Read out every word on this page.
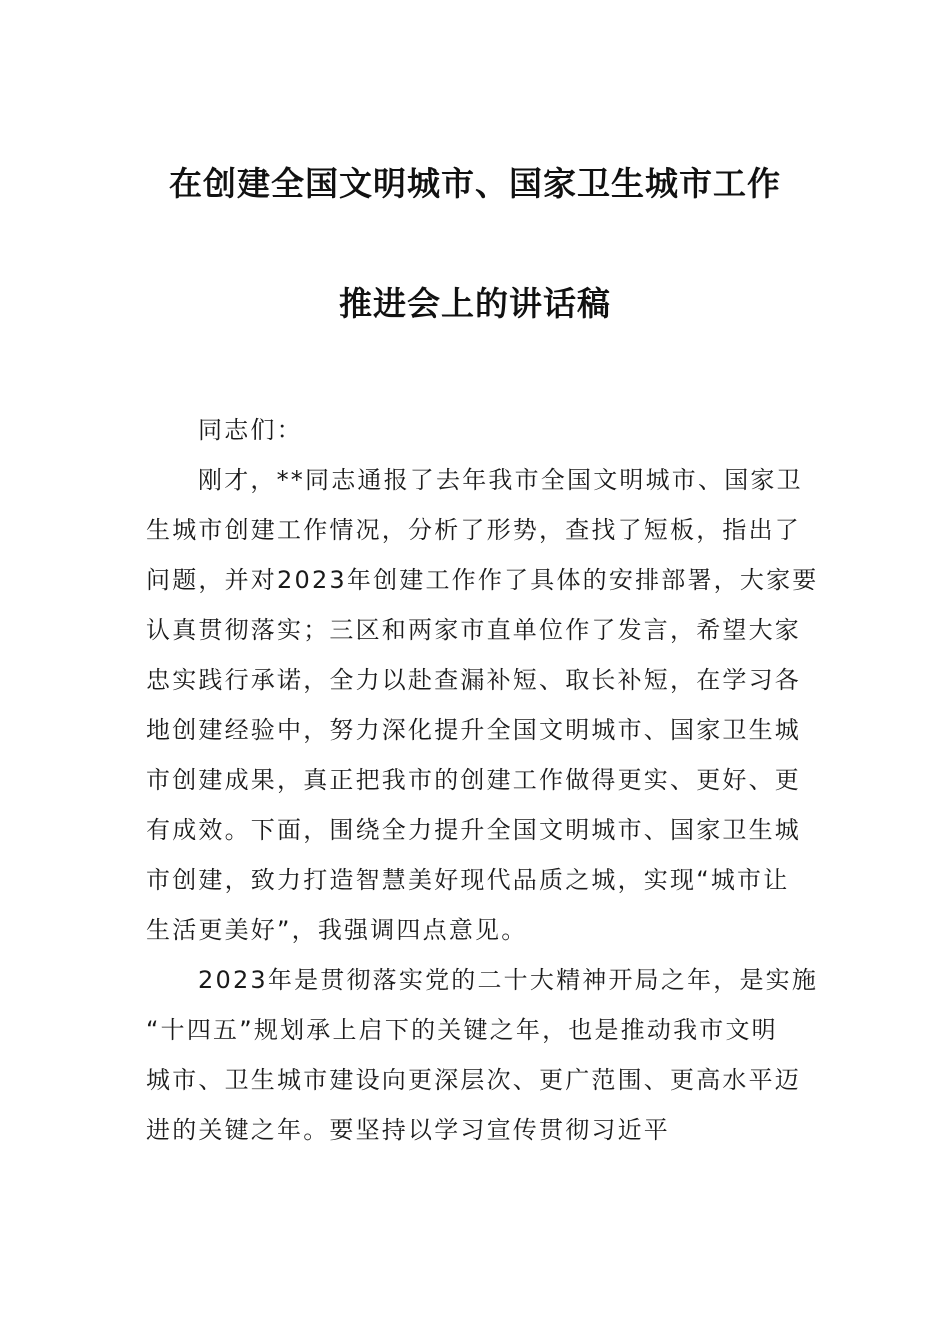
在创建全国文明城市、国家卫生城市工作
推进会上的讲话稿
同志们：
刚才，**同志通报了去年我市全国文明城市、国家卫
生城市创建工作情况，分析了形势，查找了短板，指出了
问题，并对2023年创建工作作了具体的安排部署，大家要
认真贯彻落实；三区和两家市直单位作了发言，希望大家
忠实践行承诺，全力以赴查漏补短、取长补短，在学习各
地创建经验中，努力深化提升全国文明城市、国家卫生城
市创建成果，真正把我市的创建工作做得更实、更好、更
有成效。下面，围绕全力提升全国文明城市、国家卫生城
市创建，致力打造智慧美好现代品质之城，实现“城市让
生活更美好”，我强调四点意见。
2023年是贯彻落实党的二十大精神开局之年，是实施
“十四五”规划承上启下的关键之年，也是推动我市文明
城市、卫生城市建设向更深层次、更广范围、更高水平迈
进的关键之年。要坚持以学习宣传贯彻习近平
